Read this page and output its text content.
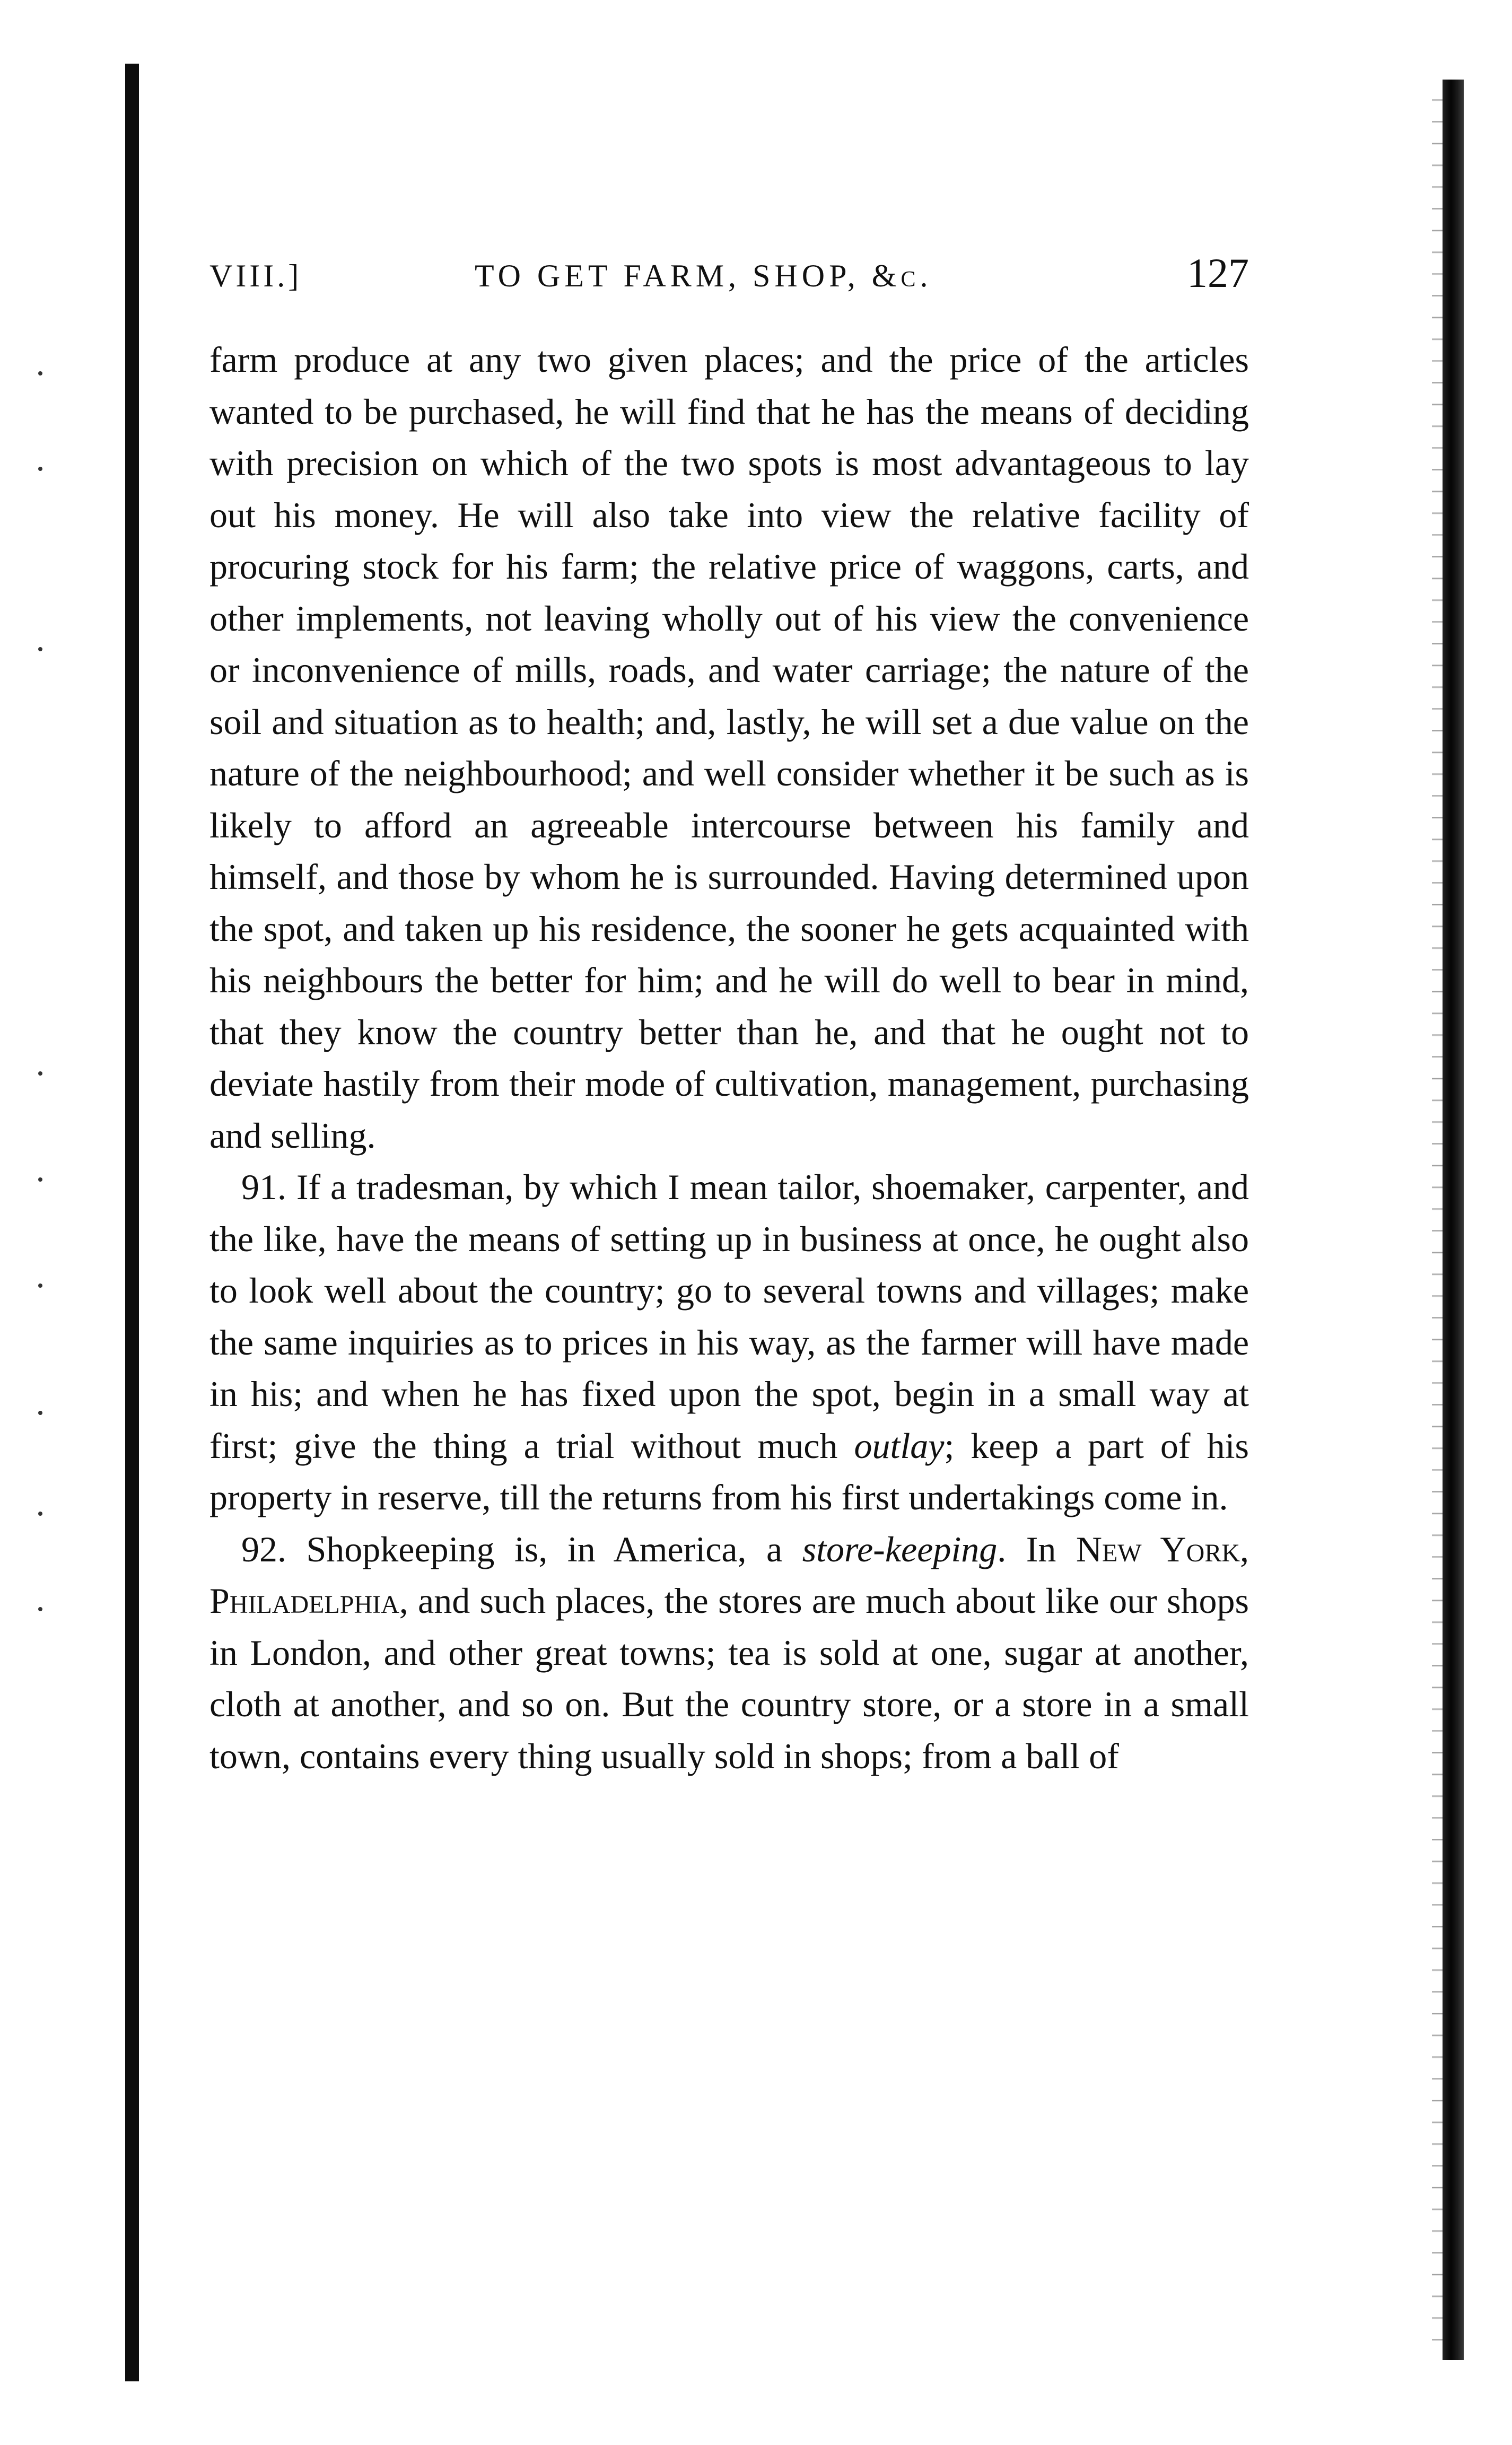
VIII.]	TO GET FARM, SHOP, &c.	127

farm produce at any two given places; and the price of the articles wanted to be purchased, he will find that he has the means of deciding with precision on which of the two spots is most advantageous to lay out his money. He will also take into view the relative facility of procuring stock for his farm; the relative price of waggons, carts, and other implements, not leaving wholly out of his view the convenience or inconvenience of mills, roads, and water carriage; the nature of the soil and situation as to health; and, lastly, he will set a due value on the nature of the neighbourhood; and well consider whether it be such as is likely to afford an agreeable intercourse between his family and himself, and those by whom he is surrounded. Having determined upon the spot, and taken up his residence, the sooner he gets acquainted with his neighbours the better for him; and he will do well to bear in mind, that they know the country better than he, and that he ought not to deviate hastily from their mode of cultivation, management, purchasing and selling.

91. If a tradesman, by which I mean tailor, shoemaker, carpenter, and the like, have the means of setting up in business at once, he ought also to look well about the country; go to several towns and villages; make the same inquiries as to prices in his way, as the farmer will have made in his; and when he has fixed upon the spot, begin in a small way at first; give the thing a trial without much outlay; keep a part of his property in reserve, till the returns from his first undertakings come in.

92. Shopkeeping is, in America, a store-keeping. In New York, Philadelphia, and such places, the stores are much about like our shops in London, and other great towns; tea is sold at one, sugar at another, cloth at another, and so on. But the country store, or a store in a small town, contains every thing usually sold in shops; from a ball of
